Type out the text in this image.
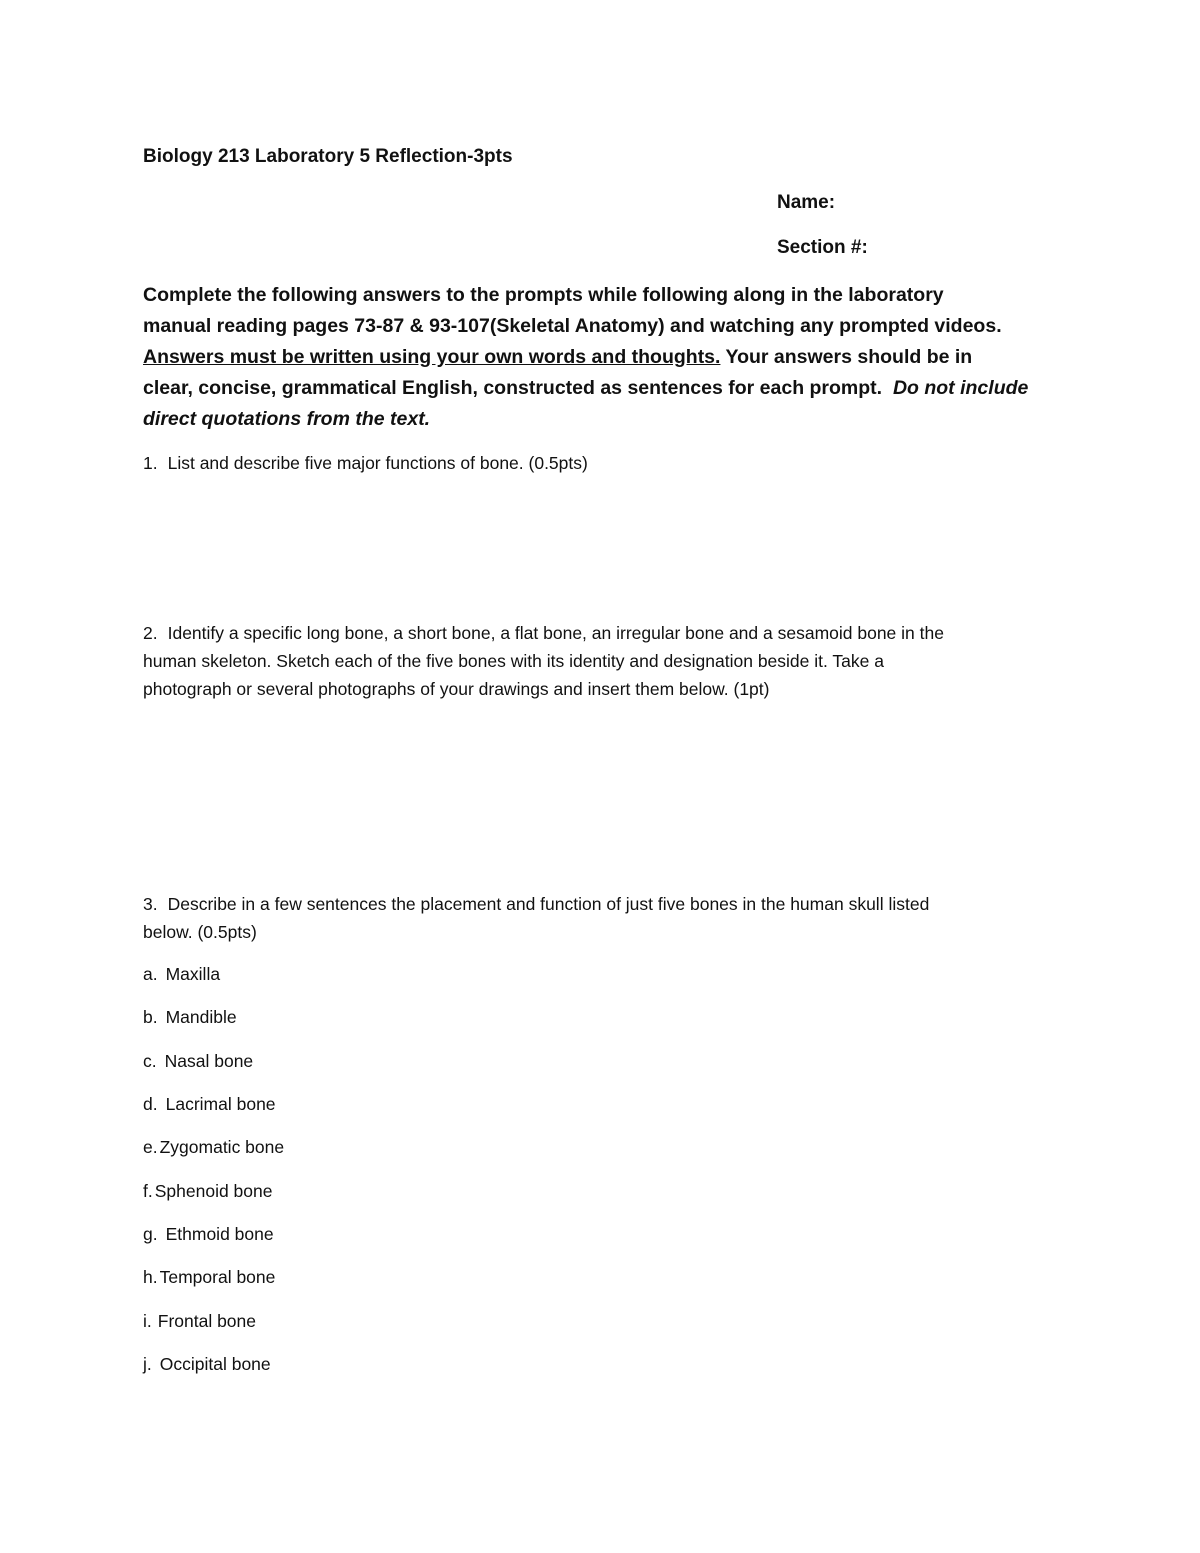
Biology 213 Laboratory 5 Reflection-3pts
Name:
Section #:
Complete the following answers to the prompts while following along in the laboratory
manual reading pages 73-87 & 93-107(Skeletal Anatomy) and watching any prompted videos.
Answers must be written using your own words and thoughts. Your answers should be in
clear, concise, grammatical English, constructed as sentences for each prompt. Do not include
direct quotations from the text.
1. List and describe five major functions of bone. (0.5pts)
2. Identify a specific long bone, a short bone, a flat bone, an irregular bone and a sesamoid bone in the
human skeleton. Sketch each of the five bones with its identity and designation beside it. Take a
photograph or several photographs of your drawings and insert them below. (1pt)
3. Describe in a few sentences the placement and function of just five bones in the human skull listed
below. (0.5pts)
a. Maxilla
b. Mandible
c. Nasal bone
d. Lacrimal bone
e. Zygomatic bone
f. Sphenoid bone
g. Ethmoid bone
h. Temporal bone
i. Frontal bone
j. Occipital bone
